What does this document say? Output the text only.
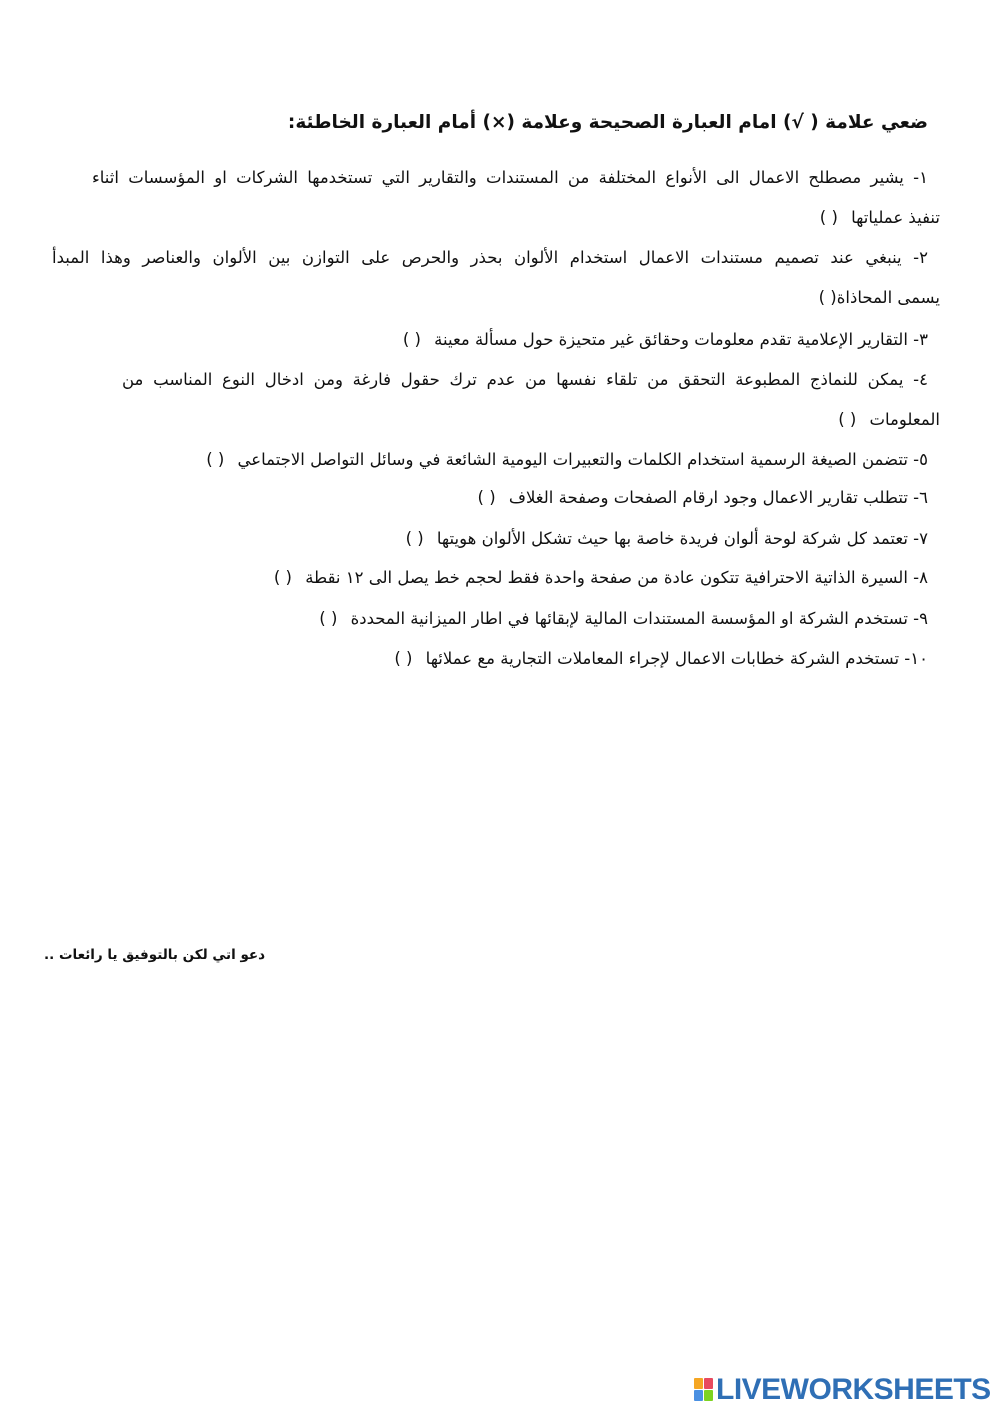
ضعي علامة ( √) امام العبارة الصحيحة وعلامة (×) أمام العبارة الخاطئة:
١- يشير مصطلح الاعمال الى الأنواع المختلفة من المستندات والتقارير التي تستخدمها الشركات او المؤسسات اثناء
تنفيذ عملياتها ( )
٢- ينبغي عند تصميم مستندات الاعمال استخدام الألوان بحذر والحرص على التوازن بين الألوان والعناصر وهذا المبدأ
يسمى المحاذاة( )
٣- التقارير الإعلامية تقدم معلومات وحقائق غير متحيزة حول مسألة معينة ( )
٤- يمكن للنماذج المطبوعة التحقق من تلقاء نفسها من عدم ترك حقول فارغة ومن ادخال النوع المناسب من
المعلومات ( )
٥- تتضمن الصيغة الرسمية استخدام الكلمات والتعبيرات اليومية الشائعة في وسائل التواصل الاجتماعي ( )
٦- تتطلب تقارير الاعمال وجود ارقام الصفحات وصفحة الغلاف ( )
٧- تعتمد كل شركة لوحة ألوان فريدة خاصة بها حيث تشكل الألوان هويتها ( )
٨- السيرة الذاتية الاحترافية تتكون عادة من صفحة واحدة فقط لحجم خط يصل الى ١٢ نقطة ( )
٩- تستخدم الشركة او المؤسسة المستندات المالية لإبقائها في اطار الميزانية المحددة ( )
١٠- تستخدم الشركة خطابات الاعمال لإجراء المعاملات التجارية مع عملائها ( )
دعو اتي لكن بالتوفيق يا رائعات ..
LIVEWORKSHEETS
